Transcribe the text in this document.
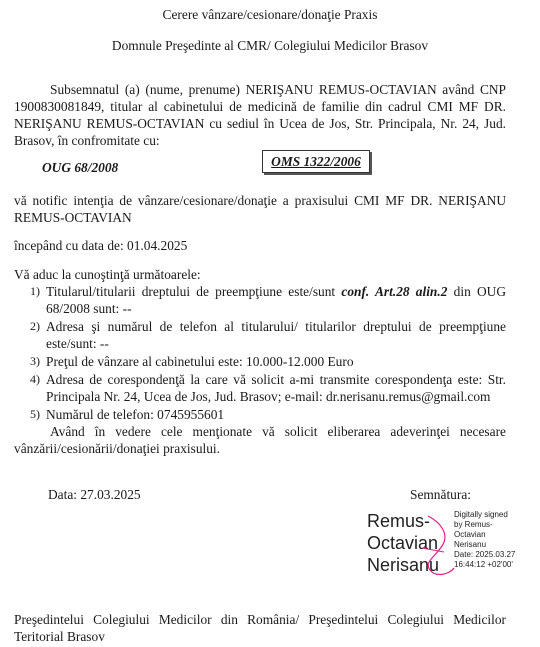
Cerere vânzare/cesionare/donaţie Praxis
Domnule Preşedinte al CMR/ Colegiului Medicilor Brasov
Subsemnatul (a) (nume, prenume) NERIŞANU REMUS-OCTAVIAN având CNP 1900830081849, titular al cabinetului de medicină de familie din cadrul CMI MF DR. NERIŞANU REMUS-OCTAVIAN cu sediul în Ucea de Jos, Str. Principala, Nr. 24, Jud. Brasov, în confromitate cu:
OUG 68/2008	OMS 1322/2006
vă notific intenţia de vânzare/cesionare/donaţie a praxisului CMI MF DR. NERIŞANU REMUS-OCTAVIAN
începând cu data de: 01.04.2025
Vă aduc la cunoştinţă următoarele:
1) Titularul/titularii dreptului de preempţiune este/sunt conf. Art.28 alin.2 din OUG 68/2008 sunt: --
2) Adresa şi numărul de telefon al titularului/ titularilor dreptului de preempţiune este/sunt: --
3) Preţul de vânzare al cabinetului este: 10.000-12.000 Euro
4) Adresa de corespondenţă la care vă solicit a-mi transmite corespondenţa este: Str. Principala Nr. 24, Ucea de Jos, Jud. Brasov; e-mail: dr.nerisanu.remus@gmail.com
5) Numărul de telefon: 0745955601
Având în vedere cele menţionate vă solicit eliberarea adeverinţei necesare vânzării/cesionării/donaţiei praxisului.
Data: 27.03.2025	Semnătura:
Remus-
Octavian
Nerisanu
Digitally signed
by Remus-
Octavian
Nerisanu
Date: 2025.03.27
16:44:12 +02'00'
Preşedintelui Colegiului Medicilor din România/ Preşedintelui Colegiului Medicilor Teritorial Brasov
